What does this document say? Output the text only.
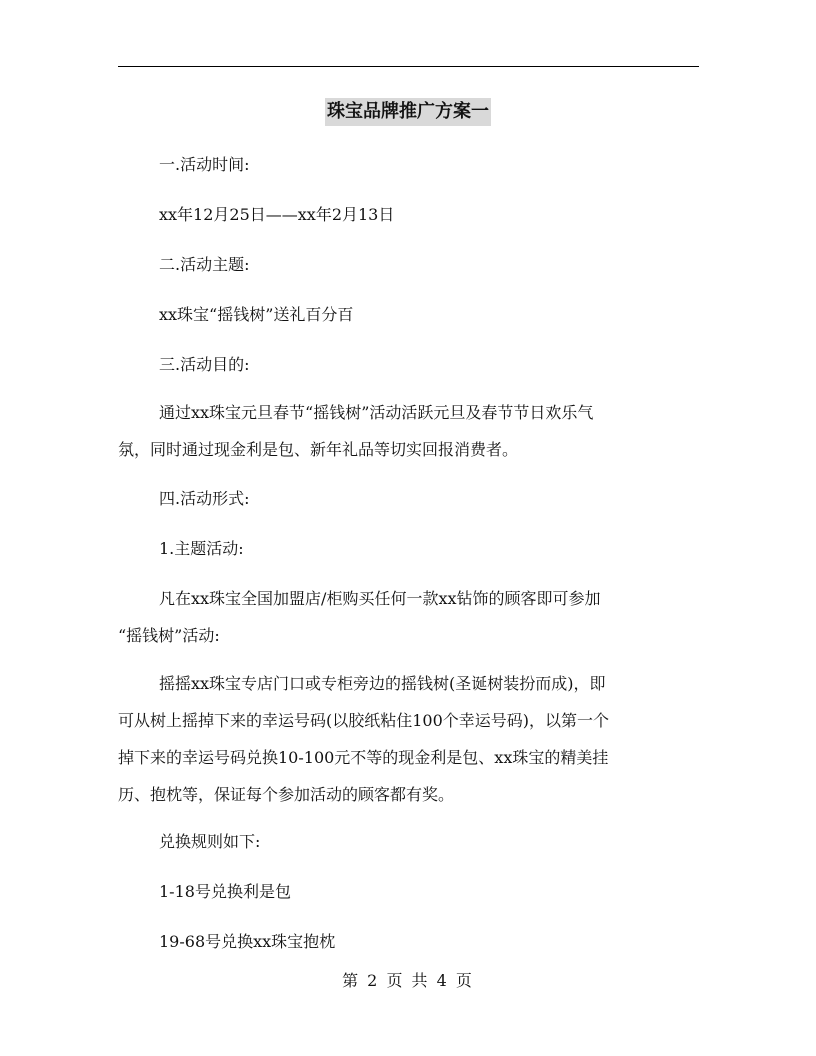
珠宝品牌推广方案一
一.活动时间:
xx年12月25日——xx年2月13日
二.活动主题:
xx珠宝“摇钱树”送礼百分百
三.活动目的:
通过xx珠宝元旦春节“摇钱树”活动活跃元旦及春节节日欢乐气
氛，同时通过现金利是包、新年礼品等切实回报消费者。
四.活动形式:
1.主题活动:
凡在xx珠宝全国加盟店/柜购买任何一款xx钻饰的顾客即可参加
“摇钱树”活动:
摇摇xx珠宝专店门口或专柜旁边的摇钱树(圣诞树装扮而成)，即
可从树上摇掉下来的幸运号码(以胶纸粘住100个幸运号码)，以第一个
掉下来的幸运号码兑换10-100元不等的现金利是包、xx珠宝的精美挂
历、抱枕等，保证每个参加活动的顾客都有奖。
兑换规则如下:
1-18号兑换利是包
19-68号兑换xx珠宝抱枕
第 2 页 共 4 页
